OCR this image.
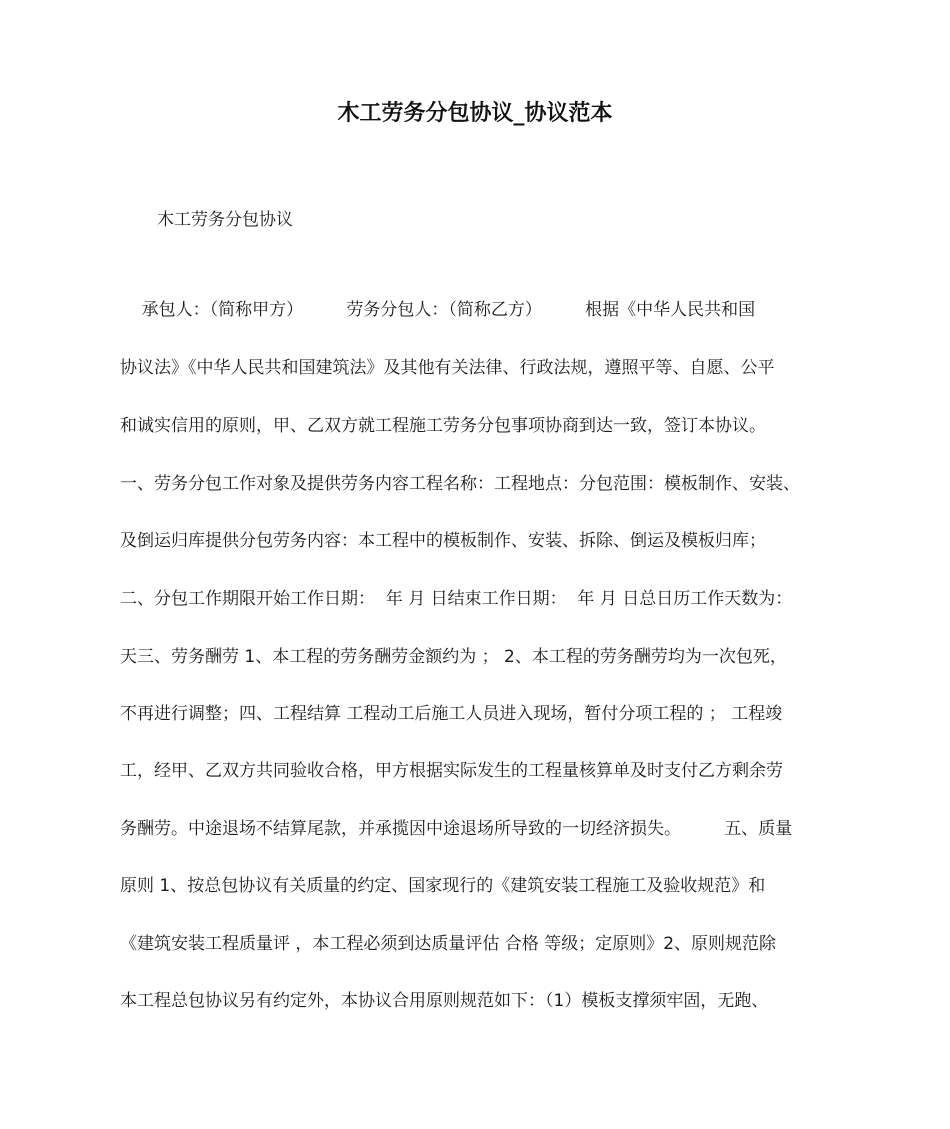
木工劳务分包协议_协议范本
木工劳务分包协议
承包人：（简称甲方）        劳务分包人：（简称乙方）        根据《中华人民共和国
协议法》《中华人民共和国建筑法》及其他有关法律、行政法规，遵照平等、自愿、公平
和诚实信用的原则，甲、乙双方就工程施工劳务分包事项协商到达一致，签订本协议。
一、劳务分包工作对象及提供劳务内容工程名称：工程地点：分包范围：模板制作、安装、
及倒运归库提供分包劳务内容：本工程中的模板制作、安装、拆除、倒运及模板归库；
二、分包工作期限开始工作日期：  年 月 日结束工作日期：  年 月 日总日历工作天数为：
天三、劳务酬劳 1、本工程的劳务酬劳金额约为 ； 2、本工程的劳务酬劳均为一次包死，
不再进行调整；四、工程结算 工程动工后施工人员进入现场，暂付分项工程的 ； 工程竣
工，经甲、乙双方共同验收合格，甲方根据实际发生的工程量核算单及时支付乙方剩余劳
务酬劳。中途退场不结算尾款，并承揽因中途退场所导致的一切经济损失。        五、质量
原则 1、按总包协议有关质量的约定、国家现行的《建筑安装工程施工及验收规范》和
《建筑安装工程质量评 ，本工程必须到达质量评估 合格 等级；定原则》2、原则规范除
本工程总包协议另有约定外，本协议合用原则规范如下：（1）模板支撑须牢固，无跑、
